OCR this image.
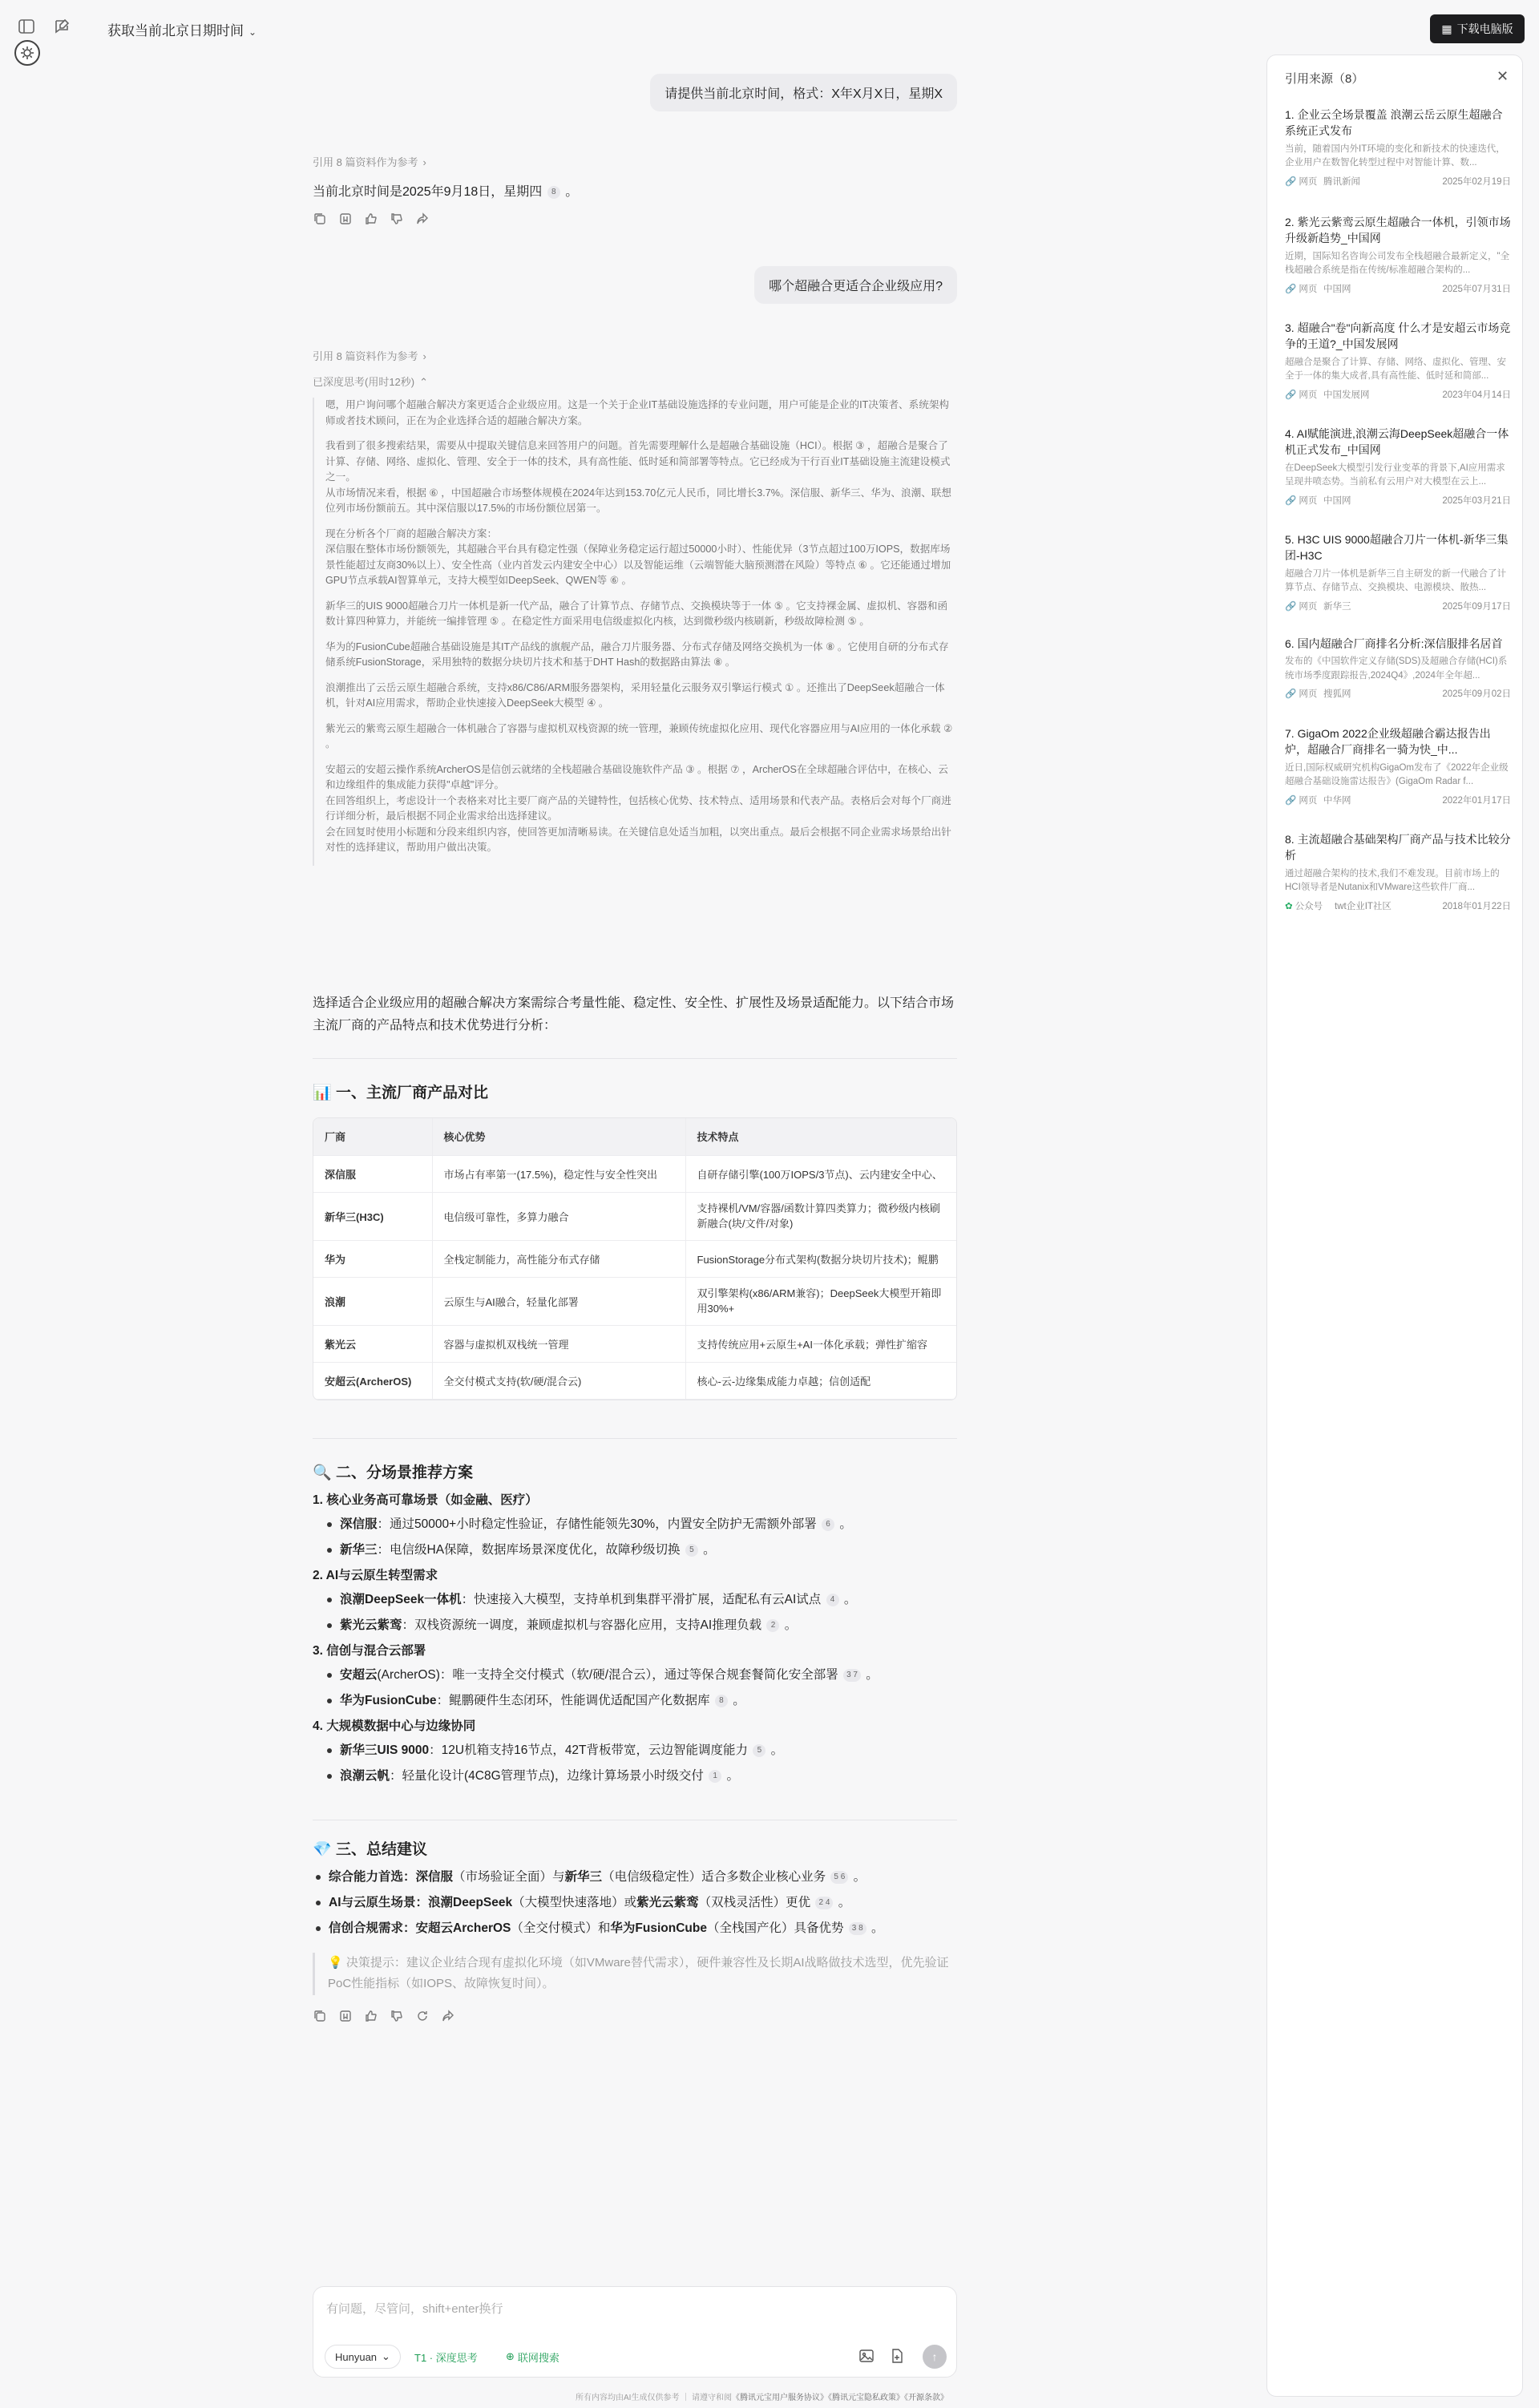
获取当前北京日期时间 ⌄	▦ 下载电脑版
请提供当前北京时间，格式：X年X月X日，星期X
引用 8 篇资料作为参考 ›
当前北京时间是2025年9月18日，星期四 8 。
哪个超融合更适合企业级应用?
引用 8 篇资料作为参考 ›
已深度思考(用时12秒) ⌃

嗯，用户询问哪个超融合解决方案更适合企业级应用。这是一个关于企业IT基础设施选择的专业问题，用户可能是企业的IT决策者、系统架构师或者技术顾问，正在为企业选择合适的超融合解决方案。

我看到了很多搜索结果，需要从中提取关键信息来回答用户的问题。首先需要理解什么是超融合基础设施（HCI）。根据 ③ ，超融合是聚合了计算、存储、网络、虚拟化、管理、安全于一体的技术，具有高性能、低时延和简部署等特点。它已经成为干行百业IT基础设施主流建设模式之一。
从市场情况来看，根据 ⑥ ，中国超融合市场整体规模在2024年达到153.70亿元人民币，同比增长3.7%。深信服、新华三、华为、浪潮、联想位列市场份额前五。其中深信服以17.5%的市场份额位居第一。

现在分析各个厂商的超融合解决方案：
深信服在整体市场份额领先，其超融合平台具有稳定性强（保障业务稳定运行超过50000小时）、性能优异（3节点超过100万IOPS，数据库场景性能超过友商30%以上）、安全性高（业内首发云内建安全中心）以及智能运维（云端智能大脑预测潜在风险）等特点 ⑥ 。它还能通过增加GPU节点承载AI智算单元，支持大模型如DeepSeek、QWEN等 ⑥ 。

新华三的UIS 9000超融合刀片一体机是新一代产品，融合了计算节点、存储节点、交换模块等于一体 ⑤ 。它支持裸金属、虚拟机、容器和函数计算四种算力，并能统一编排管理 ⑤ 。在稳定性方面采用电信级虚拟化内核，达到微秒级内核刷新，秒级故障检测 ⑤ 。

华为的FusionCube超融合基础设施是其IT产品线的旗舰产品，融合刀片服务器、分布式存储及网络交换机为一体 ⑧ 。它使用自研的分布式存储系统FusionStorage，采用独特的数据分块切片技术和基于DHT Hash的数据路由算法 ⑧ 。

浪潮推出了云岳云原生超融合系统，支持x86/C86/ARM服务器架构，采用轻量化云服务双引擎运行模式 ① 。还推出了DeepSeek超融合一体机，针对AI应用需求，帮助企业快速接入DeepSeek大模型 ④ 。

紫光云的紫鸾云原生超融合一体机融合了容器与虚拟机双栈资源的统一管理，兼顾传统虚拟化应用、现代化容器应用与AI应用的一体化承载 ② 。

安超云的安超云操作系统ArcherOS是信创云就绪的全栈超融合基础设施软件产品 ③ 。根据 ⑦ ，ArcherOS在全球超融合评估中，在核心、云和边缘组件的集成能力获得"卓越"评分。
在回答组织上，考虑设计一个表格来对比主要厂商产品的关键特性，包括核心优势、技术特点、适用场景和代表产品。表格后会对每个厂商进行详细分析，最后根据不同企业需求给出选择建议。
会在回复时使用小标题和分段来组织内容，使回答更加清晰易读。在关键信息处适当加粗，以突出重点。最后会根据不同企业需求场景给出针对性的选择建议，帮助用户做出决策。

选择适合企业级应用的超融合解决方案需综合考量性能、稳定性、安全性、扩展性及场景适配能力。以下结合市场主流厂商的产品特点和技术优势进行分析：
📊 一、主流厂商产品对比
厂商	核心优势	技术特点
深信服	市场占有率第一(17.5%)，稳定性与安全性突出	自研存储引擎(100万IOPS/3节点)、云内建安全中心、
新华三(H3C)	电信级可靠性，多算力融合	支持裸机/VM/容器/函数计算四类算力；微秒级内核刷新融合(块/文件/对象)
华为	全栈定制能力，高性能分布式存储	FusionStorage分布式架构(数据分块切片技术)；鲲鹏
浪潮	云原生与AI融合，轻量化部署	双引擎架构(x86/ARM兼容)；DeepSeek大模型开箱即用30%+
紫光云	容器与虚拟机双栈统一管理	支持传统应用+云原生+AI一体化承载；弹性扩缩容
安超云(ArcherOS)	全交付模式支持(软/硬/混合云)	核心-云-边缘集成能力卓越；信创适配
🔍 二、分场景推荐方案
1. 核心业务高可靠场景（如金融、医疗）
深信服：通过50000+小时稳定性验证，存储性能领先30%，内置安全防护无需额外部署 6 。
新华三：电信级HA保障，数据库场景深度优化，故障秒级切换 5 。
2. AI与云原生转型需求
浪潮DeepSeek一体机：快速接入大模型，支持单机到集群平滑扩展，适配私有云AI试点 4 。
紫光云紫鸾：双栈资源统一调度，兼顾虚拟机与容器化应用，支持AI推理负载 2 。
3. 信创与混合云部署
安超云(ArcherOS)：唯一支持全交付模式（软/硬/混合云），通过等保合规套餐简化安全部署 3 7 。
华为FusionCube：鲲鹏硬件生态闭环，性能调优适配国产化数据库 8 。
4. 大规模数据中心与边缘协同
新华三UIS 9000：12U机箱支持16节点，42T背板带宽，云边智能调度能力 5 。
浪潮云帆：轻量化设计(4C8G管理节点)，边缘计算场景小时级交付 1 。
💎 三、总结建议
综合能力首选：深信服（市场验证全面）与新华三（电信级稳定性）适合多数企业核心业务 5 6 。
AI与云原生场景：浪潮DeepSeek（大模型快速落地）或紫光云紫鸾（双栈灵活性）更优 2 4 。
信创合规需求：安超云ArcherOS（全交付模式）和华为FusionCube（全栈国产化）具备优势 3 8 。
💡 决策提示：建议企业结合现有虚拟化环境（如VMware替代需求），硬件兼容性及长期AI战略做技术选型，优先验证PoC性能指标（如IOPS、故障恢复时间）。
有问题，尽管问，shift+enter换行
Hunyuan ⌄ T1 · 深度思考	⊕ 联网搜索	↑
所有内容均由AI生成仅供参考 ｜ 请遵守和阅《腾讯元宝用户服务协议》《腾讯元宝隐私政策》《开源条款》
引用来源（8）	✕
1. 企业云全场景覆盖 浪潮云岳云原生超融合系统正式发布
当前，随着国内外IT环境的变化和新技术的快速迭代，企业用户在数智化转型过程中对智能计算、数...
🔗 网页 腾讯新闻	2025年02月19日
2. 紫光云紫鸾云原生超融合一体机，引领市场升级新趋势_中国网
近期，国际知名咨询公司发布全栈超融合最新定义，"全栈超融合系统是指在传统/标准超融合架构的...
🔗 网页 中国网	2025年07月31日
3. 超融合"卷"向新高度 什么才是安超云市场竞争的王道?_中国发展网
超融合是聚合了计算、存储、网络、虚拟化、管理、安全于一体的集大成者,具有高性能、低时延和简部...
🔗 网页 中国发展网	2023年04月14日
4. AI赋能演进,浪潮云海DeepSeek超融合一体机正式发布_中国网
在DeepSeek大模型引发行业变革的背景下,AI应用需求呈现井喷态势。当前私有云用户对大模型在云上...
🔗 网页 中国网	2025年03月21日
5. H3C UIS 9000超融合刀片一体机-新华三集团-H3C
超融合刀片一体机是新华三自主研发的新一代融合了计算节点、存储节点、交换模块、电源模块、散热...
🔗 网页 新华三	2025年09月17日
6. 国内超融合厂商排名分析:深信服排名居首
发布的《中国软件定义存储(SDS)及超融合存储(HCI)系统市场季度跟踪报告,2024Q4》,2024年全年超...
🔗 网页 搜狐网	2025年09月02日
7. GigaOm 2022企业级超融合霸达报告出炉，超融合厂商排名一骑为快_中...
近日,国际权威研究机构GigaOm发布了《2022年企业级超融合基础设施雷达报告》(GigaOm Radar f...
🔗 网页 中华网	2022年01月17日
8. 主流超融合基础架构厂商产品与技术比较分析
通过超融合架构的技术,我们不难发现。目前市场上的HCI领导者是Nutanix和VMware这些软件厂商...
✿ 公众号 twt企业IT社区	2018年01月22日
